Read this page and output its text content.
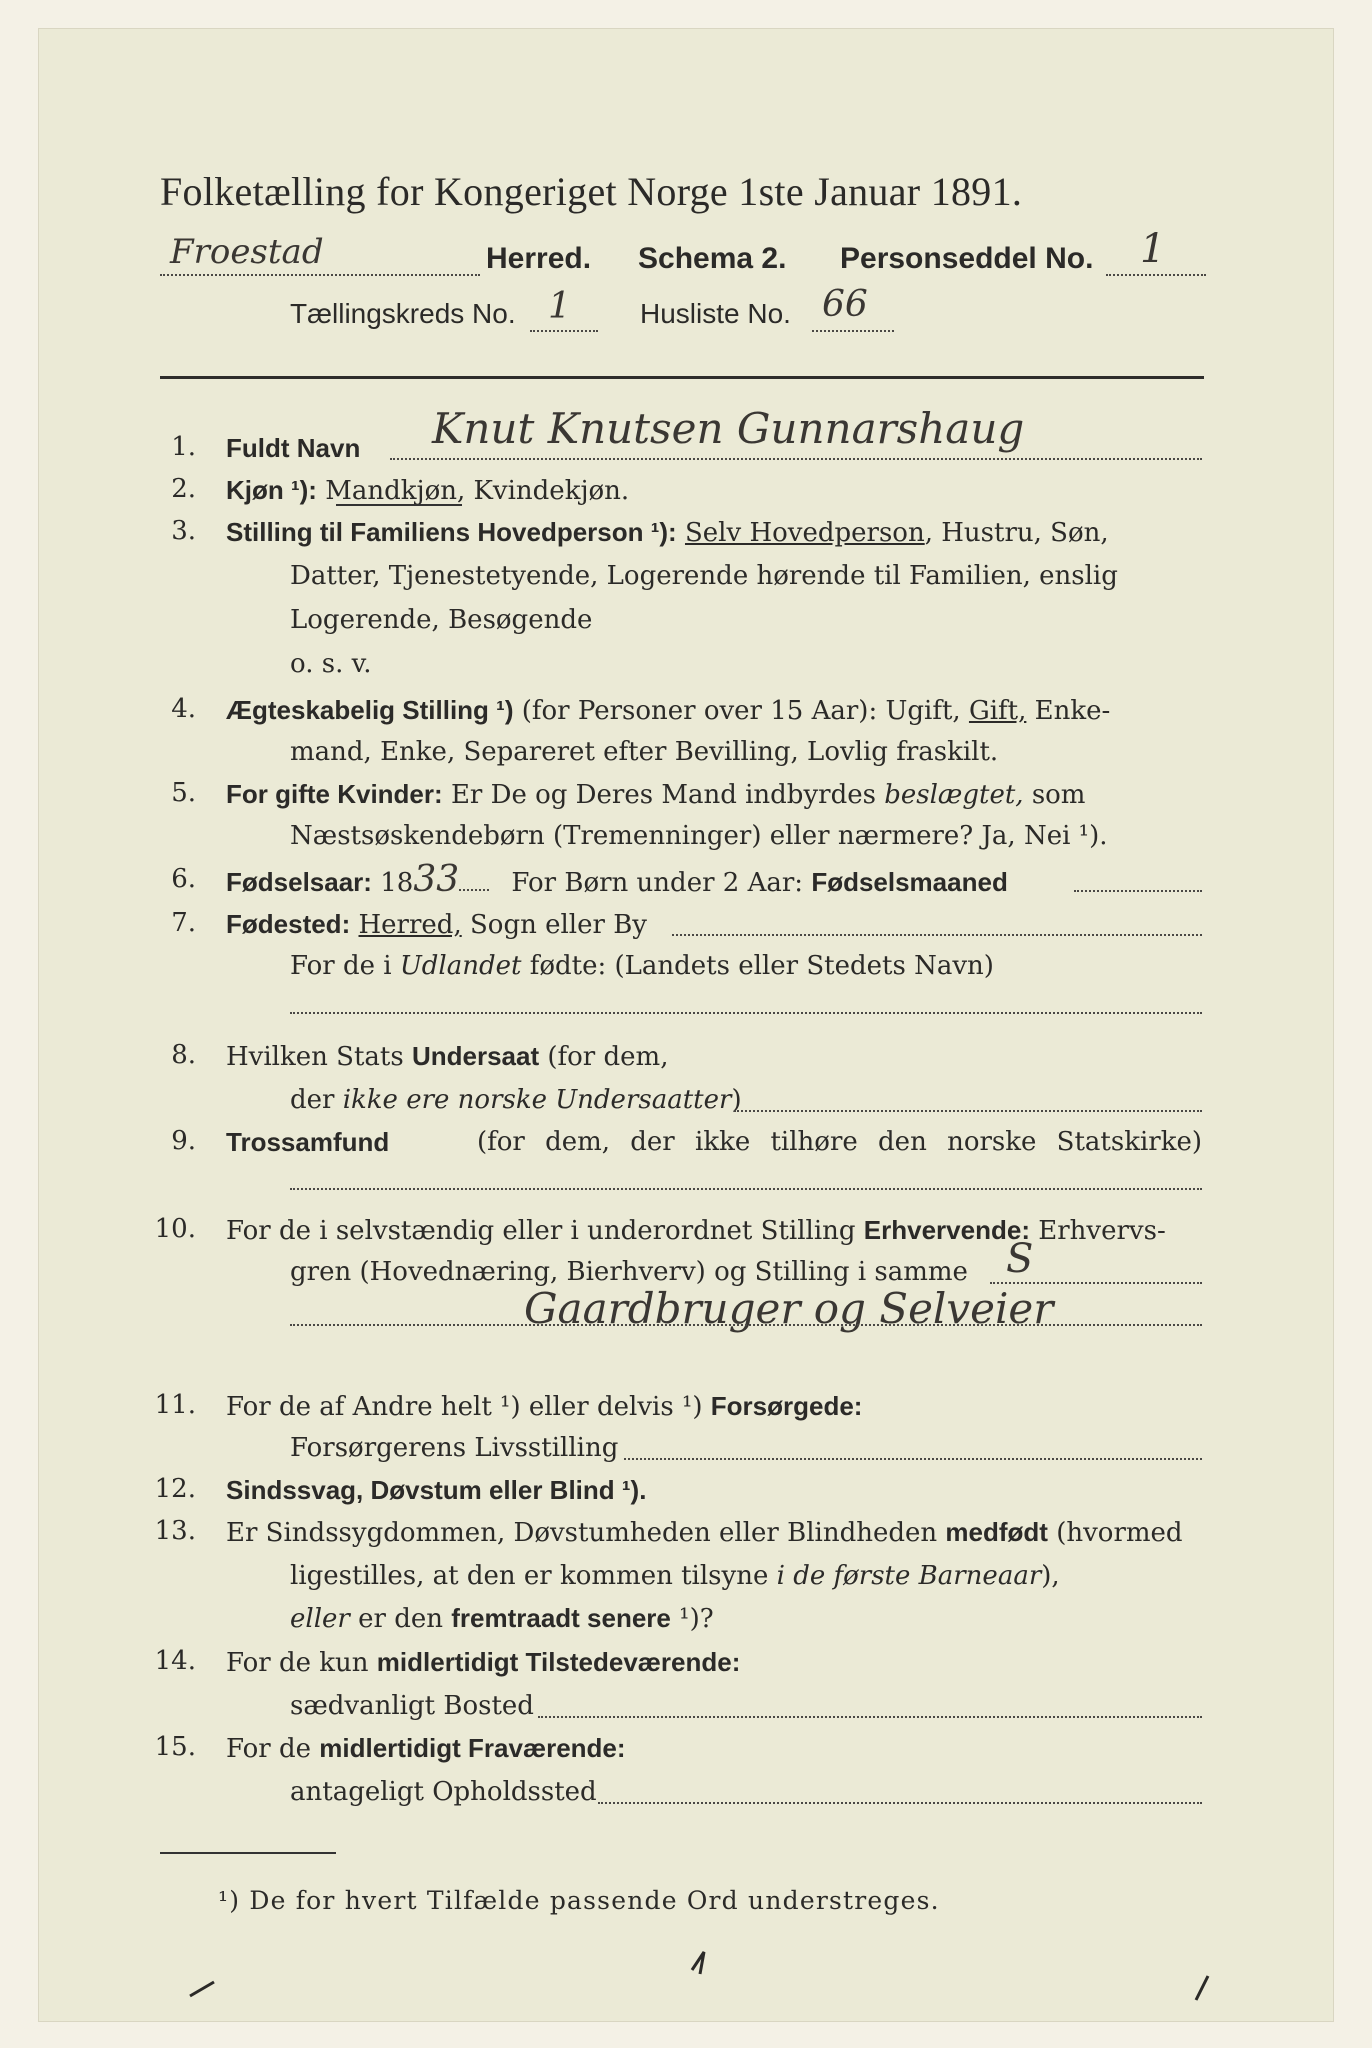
Folketælling for Kongeriget Norge 1ste Januar 1891.
Froestad	Herred. Schema 2. Personseddel No. 1
Tællingskreds No. 1 Husliste No. 66
1. Fuldt Navn Knut Knutsen Gunnarshaug
2. Kjøn ¹): Mandkjøn, Kvindekjøn.
3. Stilling til Familiens Hovedperson ¹): Selv Hovedperson, Hustru, Søn,
Datter, Tjenestetyende, Logerende hørende til Familien, enslig
Logerende, Besøgende
o. s. v.
4. Ægteskabelig Stilling ¹) (for Personer over 15 Aar): Ugift, Gift, Enke-
mand, Enke, Separeret efter Bevilling, Lovlig fraskilt.
5. For gifte Kvinder: Er De og Deres Mand indbyrdes beslægtet, som
Næstsøskendebørn (Tremenninger) eller nærmere? Ja, Nei ¹).
6. Fødselsaar: 1833 For Børn under 2 Aar: Fødselsmaaned
7. Fødested: Herred, Sogn eller By
For de i Udlandet fødte: (Landets eller Stedets Navn)
8. Hvilken Stats Undersaat (for dem,
der ikke ere norske Undersaatter)
9. Trossamfund	(for dem, der ikke tilhøre den norske Statskirke)
10. For de i selvstændig eller i underordnet Stilling Erhvervende: Erhvervs-
gren (Hovednæring, Bierhverv) og Stilling i samme S
Gaardbruger og Selveier
11. For de af Andre helt ¹) eller delvis ¹) Forsørgede:
Forsørgerens Livsstilling
12. Sindssvag, Døvstum eller Blind ¹).
13. Er Sindssygdommen, Døvstumheden eller Blindheden medfødt (hvormed
ligestilles, at den er kommen tilsyne i de første Barneaar),
eller er den fremtraadt senere ¹)?
14. For de kun midlertidigt Tilstedeværende:
sædvanligt Bosted
15. For de midlertidigt Fraværende:
antageligt Opholdssted
¹) De for hvert Tilfælde passende Ord understreges.
